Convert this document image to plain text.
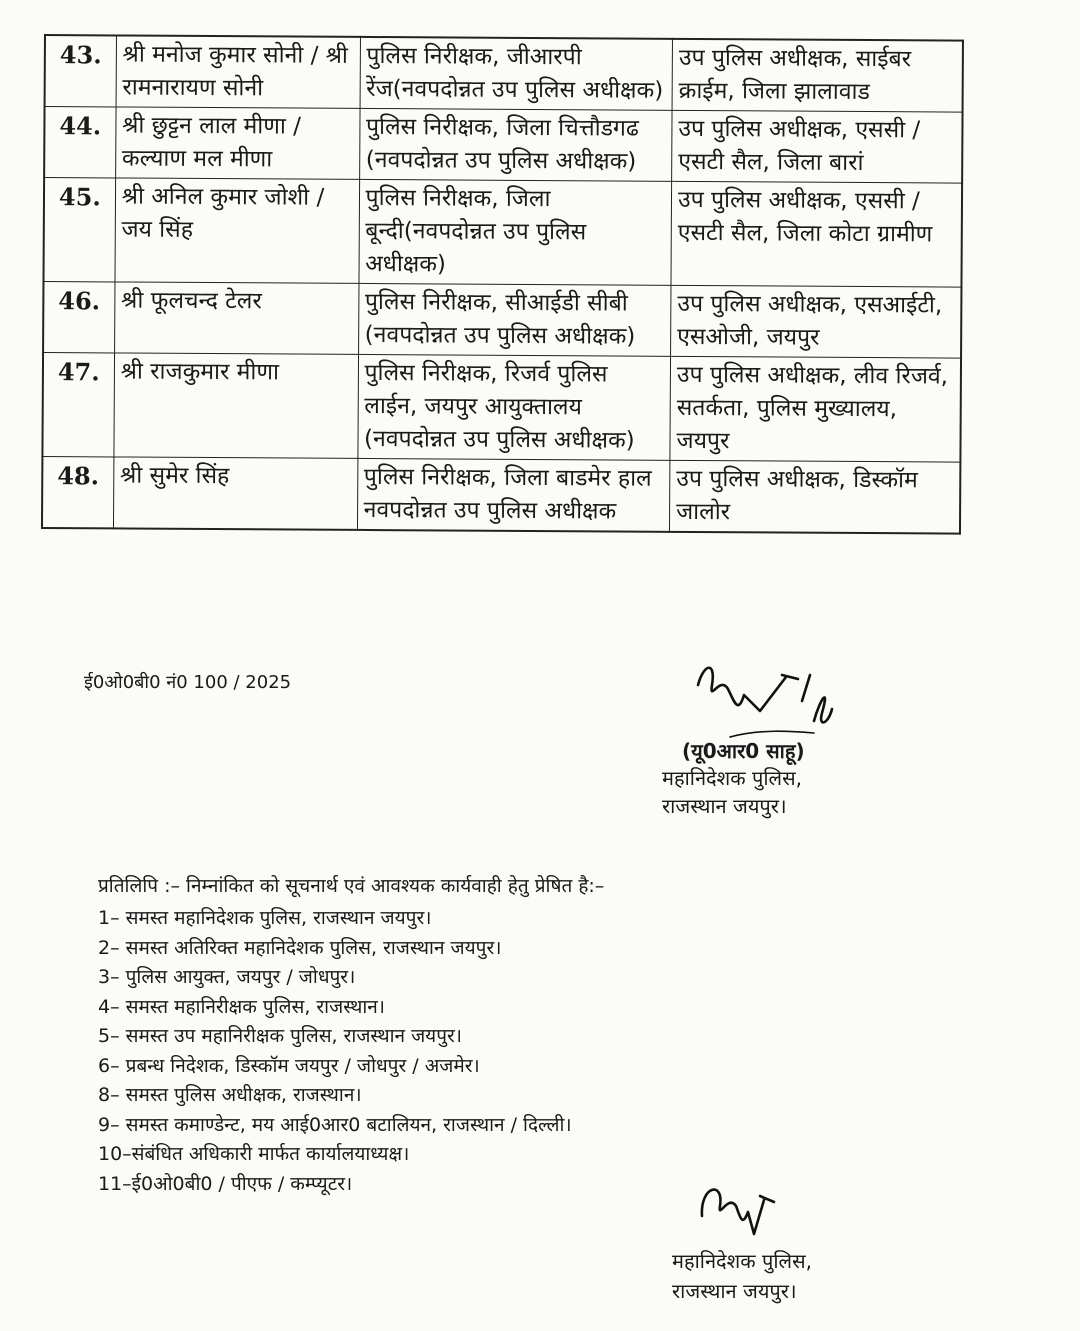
43.	श्री मनोज कुमार सोनी / श्री रामनारायण सोनी	पुलिस निरीक्षक, जीआरपी रेंज(नवपदोन्नत उप पुलिस अधीक्षक)	उप पुलिस अधीक्षक, साईबर क्राईम, जिला झालावाड
44.	श्री छुट्टन लाल मीणा / कल्याण मल मीणा	पुलिस निरीक्षक, जिला चित्तौडगढ (नवपदोन्नत उप पुलिस अधीक्षक)	उप पुलिस अधीक्षक, एससी / एसटी सैल, जिला बारां
45.	श्री अनिल कुमार जोशी / जय सिंह	पुलिस निरीक्षक, जिला बून्दी(नवपदोन्नत उप पुलिस अधीक्षक)	उप पुलिस अधीक्षक, एससी / एसटी सैल, जिला कोटा ग्रामीण
46.	श्री फूलचन्द टेलर	पुलिस निरीक्षक, सीआईडी सीबी (नवपदोन्नत उप पुलिस अधीक्षक)	उप पुलिस अधीक्षक, एसआईटी, एसओजी, जयपुर
47.	श्री राजकुमार मीणा	पुलिस निरीक्षक, रिजर्व पुलिस लाईन, जयपुर आयुक्तालय (नवपदोन्नत उप पुलिस अधीक्षक)	उप पुलिस अधीक्षक, लीव रिजर्व, सतर्कता, पुलिस मुख्यालय, जयपुर
48.	श्री सुमेर सिंह	पुलिस निरीक्षक, जिला बाडमेर हाल नवपदोन्नत उप पुलिस अधीक्षक	उप पुलिस अधीक्षक, डिस्कॉम जालोर
ई0ओ0बी0 नं0 100 / 2025
(यू0आर0 साहू)
महानिदेशक पुलिस,
राजस्थान जयपुर।

प्रतिलिपि :– निम्नांकित को सूचनार्थ एवं आवश्यक कार्यवाही हेतु प्रेषित है:–

1– समस्त महानिदेशक पुलिस, राजस्थान जयपुर।
2– समस्त अतिरिक्त महानिदेशक पुलिस, राजस्थान जयपुर।
3– पुलिस आयुक्त, जयपुर / जोधपुर।
4– समस्त महानिरीक्षक पुलिस, राजस्थान।
5– समस्त उप महानिरीक्षक पुलिस, राजस्थान जयपुर।
6– प्रबन्ध निदेशक, डिस्कॉम जयपुर / जोधपुर / अजमेर।
8– समस्त पुलिस अधीक्षक, राजस्थान।
9– समस्त कमाण्डेन्ट, मय आई0आर0 बटालियन, राजस्थान / दिल्ली।
10–संबंधित अधिकारी मार्फत कार्यालयाध्यक्ष।
11–ई0ओ0बी0 / पीएफ / कम्प्यूटर।
महानिदेशक पुलिस,
राजस्थान जयपुर।
